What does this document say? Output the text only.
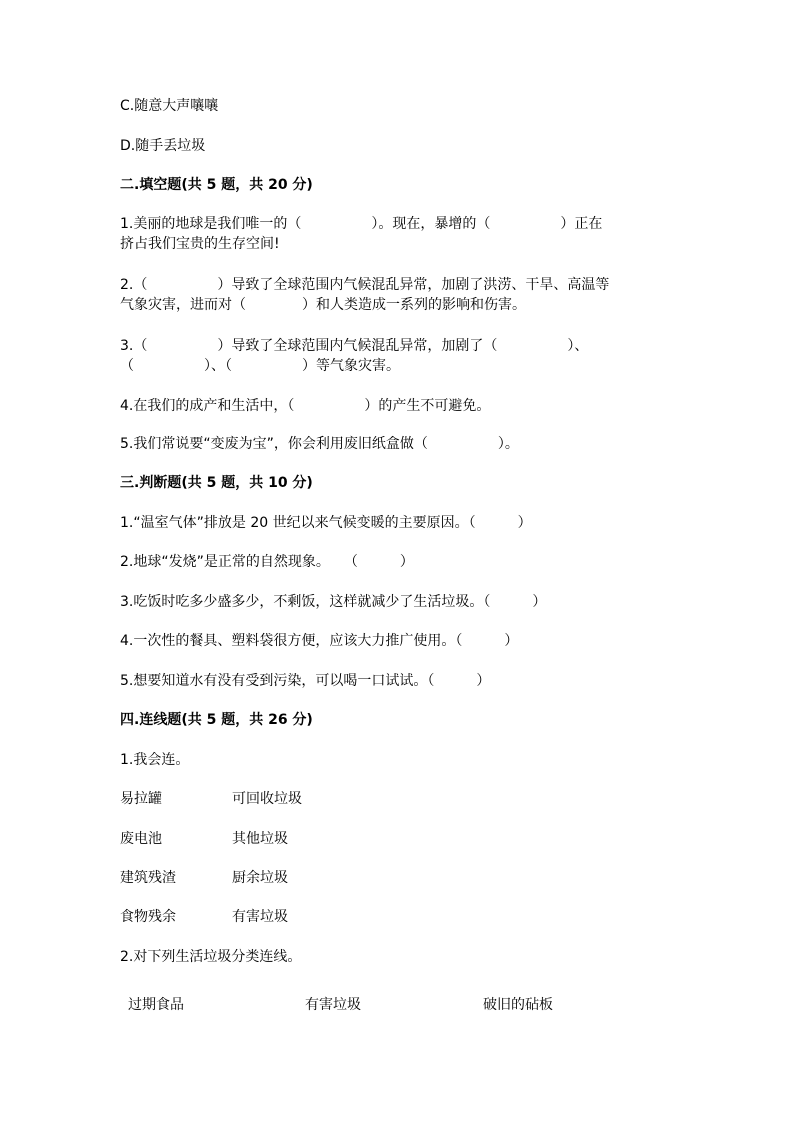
C.随意大声嚷嚷
D.随手丢垃圾
二.填空题(共 5 题，共 20 分)
1.美丽的地球是我们唯一的（　　　　　）。现在，暴增的（　　　　　）正在
挤占我们宝贵的生存空间!
2.（　　　　　）导致了全球范围内气候混乱异常，加剧了洪涝、干旱、高温等
气象灾害，进而对（　　　　）和人类造成一系列的影响和伤害。
3.（　　　　　）导致了全球范围内气候混乱异常，加剧了（　　　　　）、
（　　　　　）、（　　　　　）等气象灾害。
4.在我们的成产和生活中，（　　　　　）的产生不可避免。
5.我们常说要“变废为宝”，你会利用废旧纸盒做（　　　　　）。
三.判断题(共 5 题，共 10 分)
1.“温室气体”排放是 20 世纪以来气候变暖的主要原因。（　　　）
2.地球“发烧”是正常的自然现象。　　（　　　）
3.吃饭时吃多少盛多少，不剩饭，这样就减少了生活垃圾。（　　　）
4.一次性的餐具、塑料袋很方便，应该大力推广使用。（　　　）
5.想要知道水有没有受到污染，可以喝一口试试。（　　　）
四.连线题(共 5 题，共 26 分)
1.我会连。
易拉罐	可回收垃圾
废电池	其他垃圾
建筑残渣	厨余垃圾
食物残余	有害垃圾
2.对下列生活垃圾分类连线。
过期食品	有害垃圾	破旧的砧板
